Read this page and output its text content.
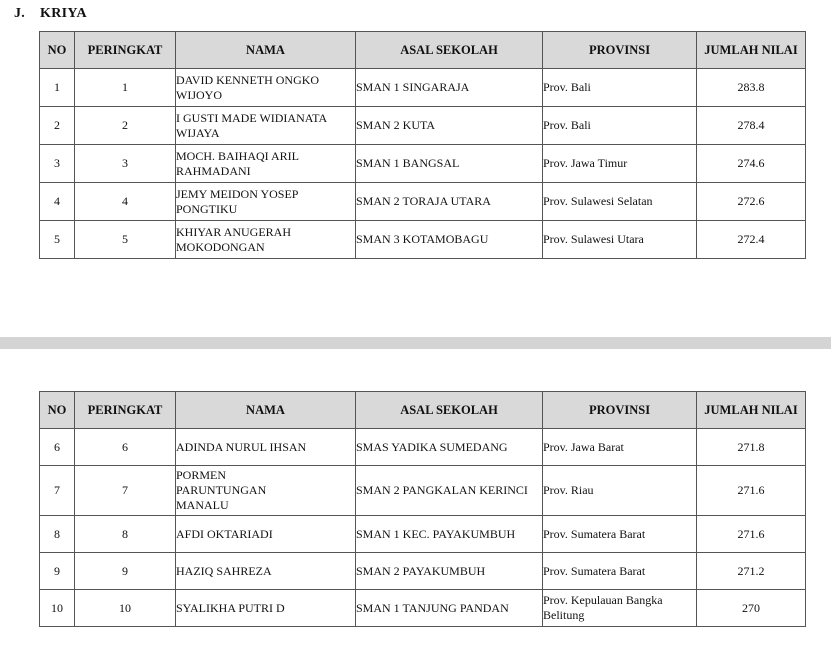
J. KRIYA
NO	PERINGKAT	NAMA	ASAL SEKOLAH	PROVINSI	JUMLAH NILAI
1	1	DAVID KENNETH ONGKO WIJOYO	SMAN 1 SINGARAJA	Prov. Bali	283.8
2	2	I GUSTI MADE WIDIANATA WIJAYA	SMAN 2 KUTA	Prov. Bali	278.4
3	3	MOCH. BAIHAQI ARIL RAHMADANI	SMAN 1 BANGSAL	Prov. Jawa Timur	274.6
4	4	JEMY MEIDON YOSEP PONGTIKU	SMAN 2 TORAJA UTARA	Prov. Sulawesi Selatan	272.6
5	5	KHIYAR ANUGERAH MOKODONGAN	SMAN 3 KOTAMOBAGU	Prov. Sulawesi Utara	272.4
NO	PERINGKAT	NAMA	ASAL SEKOLAH	PROVINSI	JUMLAH NILAI
6	6	ADINDA NURUL IHSAN	SMAS YADIKA SUMEDANG	Prov. Jawa Barat	271.8
7	7	PORMEN PARUNTUNGAN MANALU	SMAN 2 PANGKALAN KERINCI	Prov. Riau	271.6
8	8	AFDI OKTARIADI	SMAN 1 KEC. PAYAKUMBUH	Prov. Sumatera Barat	271.6
9	9	HAZIQ SAHREZA	SMAN 2 PAYAKUMBUH	Prov. Sumatera Barat	271.2
10	10	SYALIKHA PUTRI D	SMAN 1 TANJUNG PANDAN	Prov. Kepulauan Bangka Belitung	270
